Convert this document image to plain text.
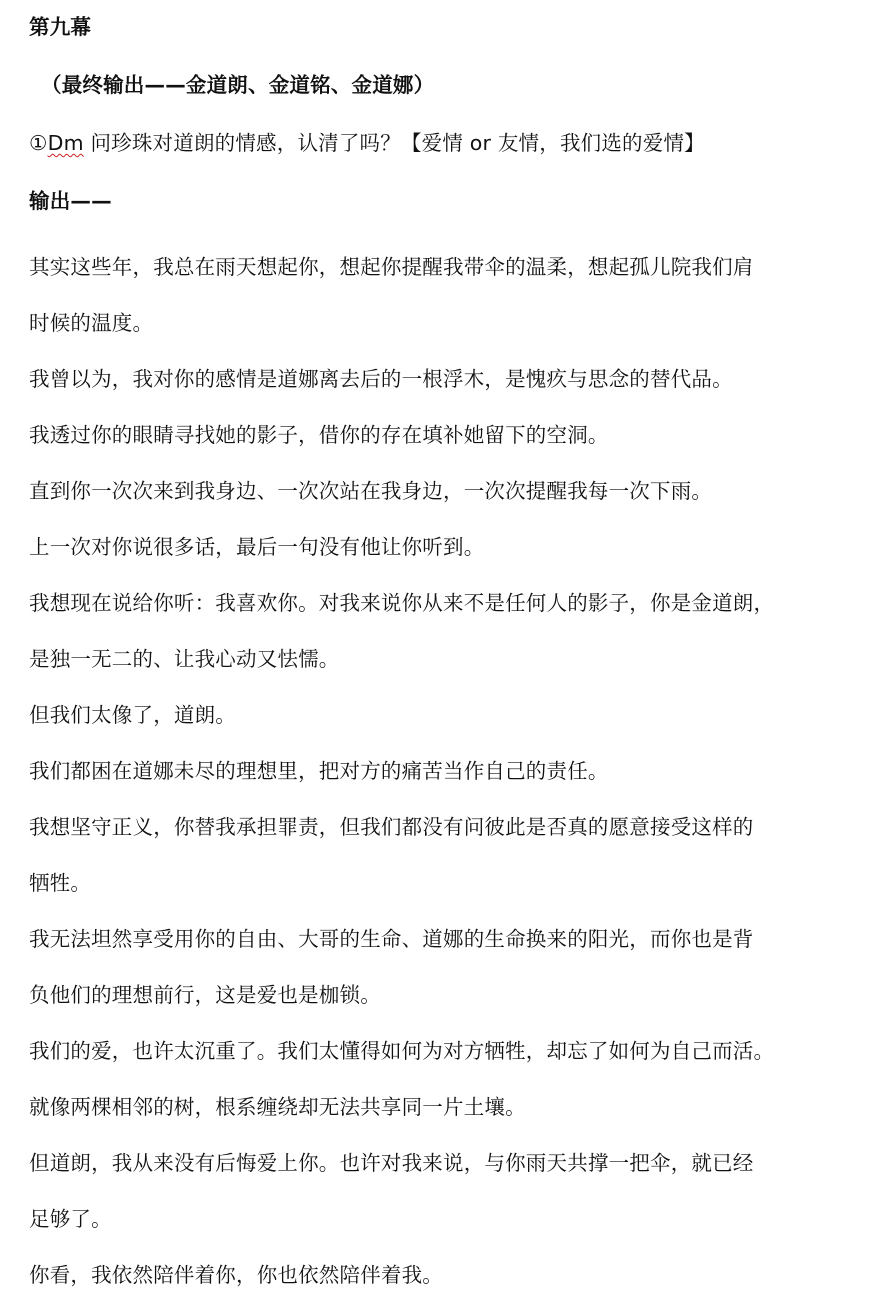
第九幕
（最终输出——金道朗、金道铭、金道娜）
①Dm 问珍珠对道朗的情感，认清了吗？【爱情 or 友情，我们选的爱情】
输出——
其实这些年，我总在雨天想起你，想起你提醒我带伞的温柔，想起孤儿院我们肩
时候的温度。
我曾以为，我对你的感情是道娜离去后的一根浮木，是愧疚与思念的替代品。
我透过你的眼睛寻找她的影子，借你的存在填补她留下的空洞。
直到你一次次来到我身边、一次次站在我身边，一次次提醒我每一次下雨。
上一次对你说很多话，最后一句没有他让你听到。
我想现在说给你听：我喜欢你。对我来说你从来不是任何人的影子，你是金道朗，
是独一无二的、让我心动又怯懦。
但我们太像了，道朗。
我们都困在道娜未尽的理想里，把对方的痛苦当作自己的责任。
我想坚守正义，你替我承担罪责，但我们都没有问彼此是否真的愿意接受这样的
牺牲。
我无法坦然享受用你的自由、大哥的生命、道娜的生命换来的阳光，而你也是背
负他们的理想前行，这是爱也是枷锁。
我们的爱，也许太沉重了。我们太懂得如何为对方牺牲，却忘了如何为自己而活。
就像两棵相邻的树，根系缠绕却无法共享同一片土壤。
但道朗，我从来没有后悔爱上你。也许对我来说，与你雨天共撑一把伞，就已经
足够了。
你看，我依然陪伴着你，你也依然陪伴着我。
